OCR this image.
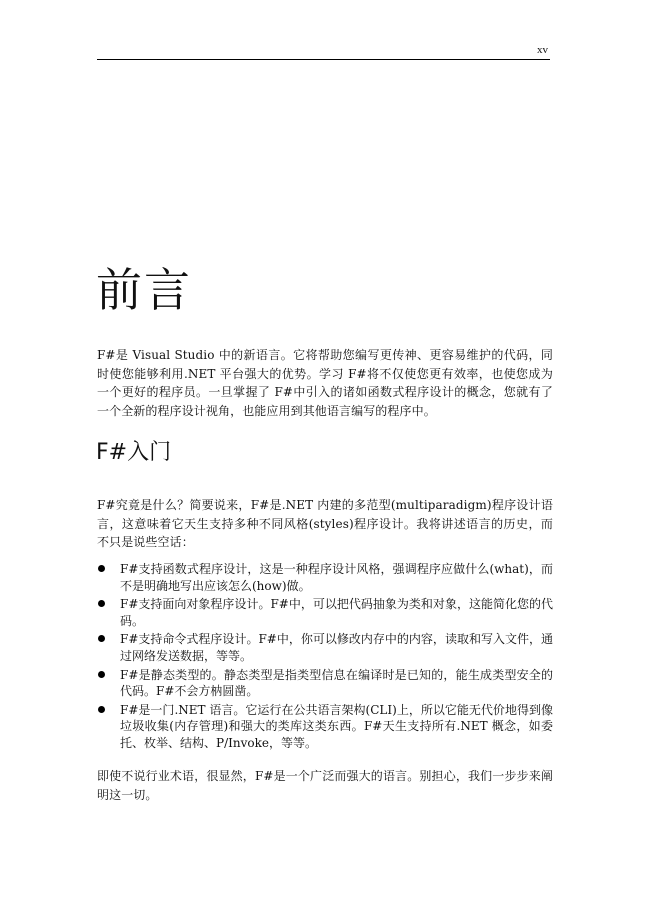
xv
前言

F#是 Visual Studio 中的新语言。它将帮助您编写更传神、更容易维护的代码，同时使您能够利用.NET 平台强大的优势。学习 F#将不仅使您更有效率，也使您成为一个更好的程序员。一旦掌握了 F#中引入的诸如函数式程序设计的概念，您就有了一个全新的程序设计视角，也能应用到其他语言编写的程序中。

F#入门

F#究竟是什么？简要说来，F#是.NET 内建的多范型(multiparadigm)程序设计语言，这意味着它天生支持多种不同风格(styles)程序设计。我将讲述语言的历史，而不只是说些空话：

F#支持函数式程序设计，这是一种程序设计风格，强调程序应做什么(what)，而不是明确地写出应该怎么(how)做。
F#支持面向对象程序设计。F#中，可以把代码抽象为类和对象，这能简化您的代码。
F#支持命令式程序设计。F#中，你可以修改内存中的内容，读取和写入文件，通过网络发送数据，等等。
F#是静态类型的。静态类型是指类型信息在编译时是已知的，能生成类型安全的代码。F#不会方枘圆凿。
F#是一门.NET 语言。它运行在公共语言架构(CLI)上，所以它能无代价地得到像垃圾收集(内存管理)和强大的类库这类东西。F#天生支持所有.NET 概念，如委托、枚举、结构、P/Invoke，等等。

即使不说行业术语，很显然，F#是一个广泛而强大的语言。别担心，我们一步步来阐明这一切。
